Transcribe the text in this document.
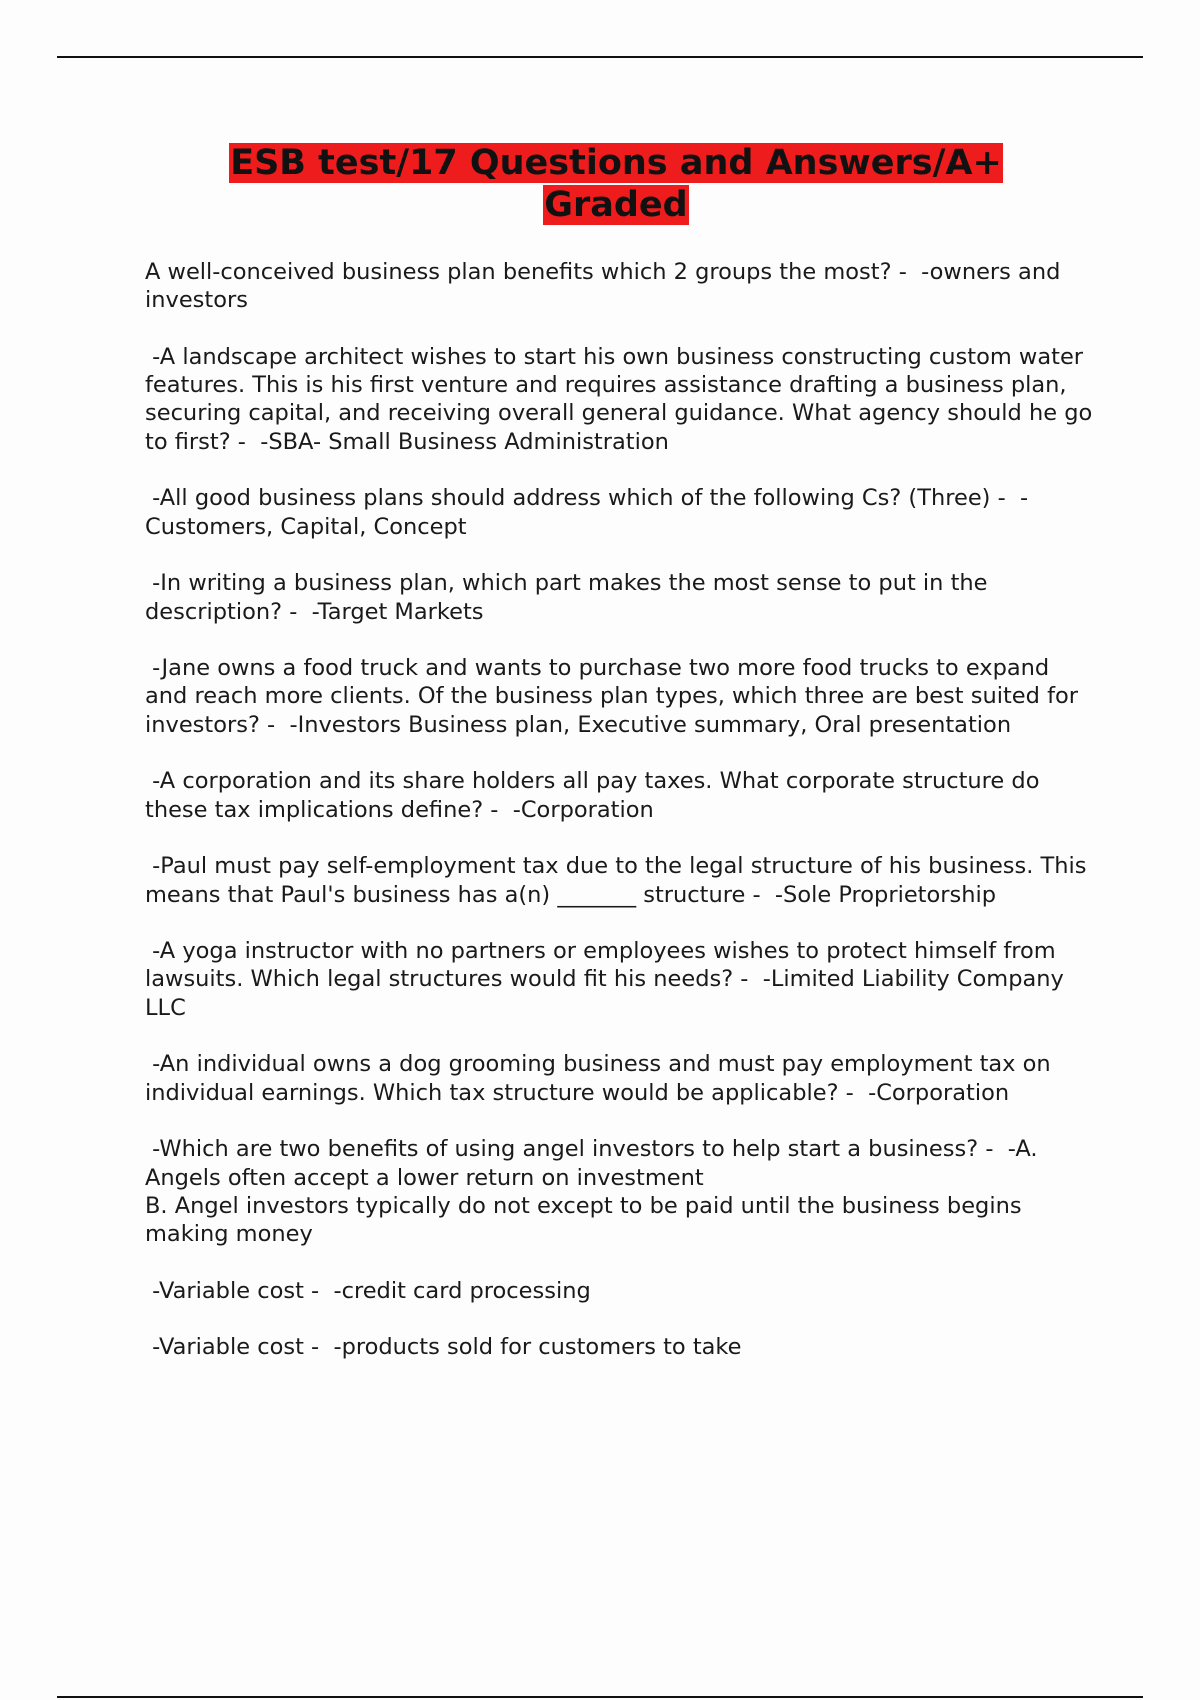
ESB test/17 Questions and Answers/A+
Graded

A well-conceived business plan benefits which 2 groups the most? -  -owners and investors

-A landscape architect wishes to start his own business constructing custom water features. This is his first venture and requires assistance drafting a business plan, securing capital, and receiving overall general guidance. What agency should he go to first? -  -SBA- Small Business Administration

-All good business plans should address which of the following Cs? (Three) -  -Customers, Capital, Concept

-In writing a business plan, which part makes the most sense to put in the description? -  -Target Markets

-Jane owns a food truck and wants to purchase two more food trucks to expand and reach more clients. Of the business plan types, which three are best suited for investors? -  -Investors Business plan, Executive summary, Oral presentation

-A corporation and its share holders all pay taxes. What corporate structure do these tax implications define? -  -Corporation

-Paul must pay self-employment tax due to the legal structure of his business. This means that Paul's business has a(n) _______ structure -  -Sole Proprietorship

-A yoga instructor with no partners or employees wishes to protect himself from lawsuits. Which legal structures would fit his needs? -  -Limited Liability Company LLC

-An individual owns a dog grooming business and must pay employment tax on individual earnings. Which tax structure would be applicable? -  -Corporation

-Which are two benefits of using angel investors to help start a business? -  -A. Angels often accept a lower return on investment
B. Angel investors typically do not except to be paid until the business begins making money

-Variable cost -  -credit card processing

-Variable cost -  -products sold for customers to take
